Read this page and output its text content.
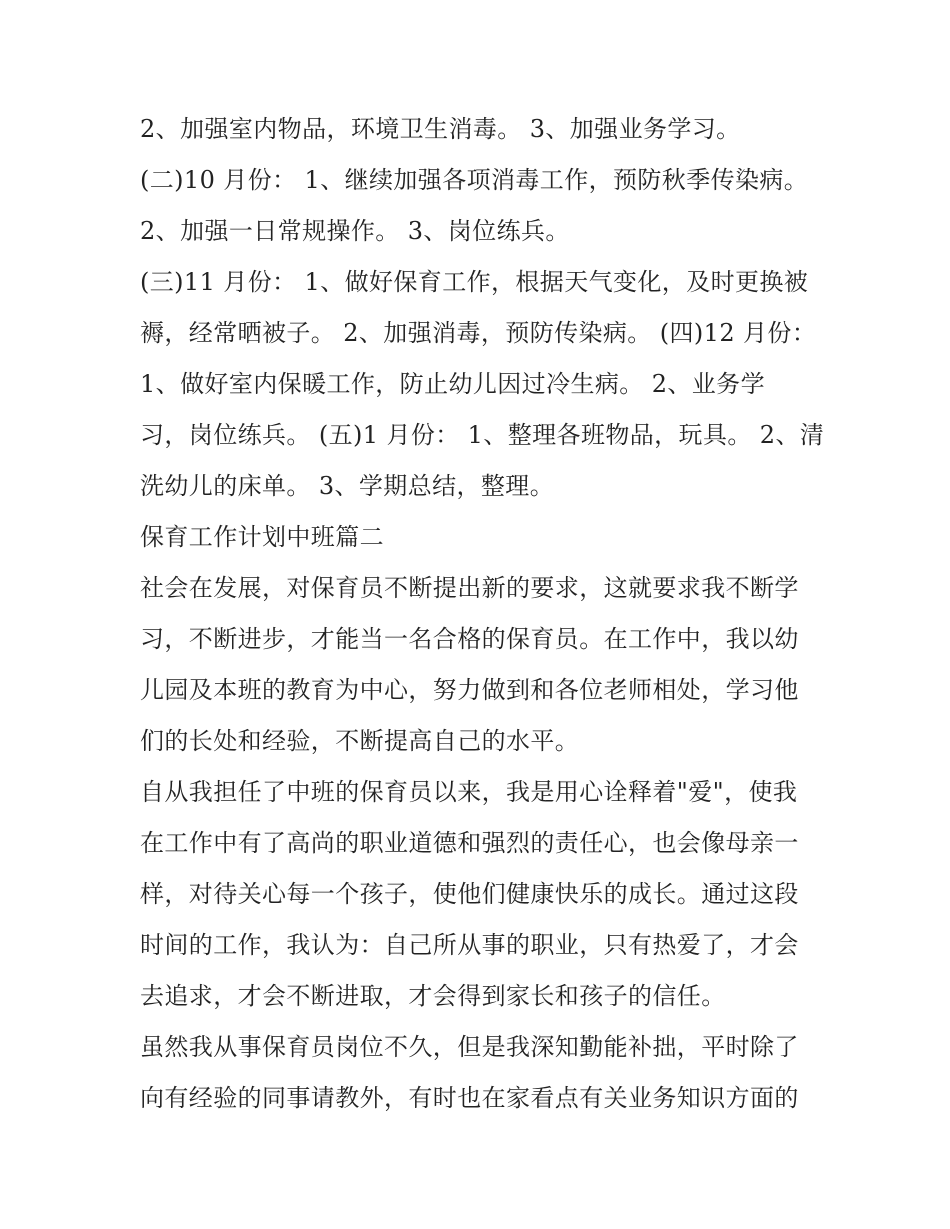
2、加强室内物品，环境卫生消毒。 3、加强业务学习。
(二)10 月份： 1、继续加强各项消毒工作，预防秋季传染病。
2、加强一日常规操作。 3、岗位练兵。
(三)11 月份： 1、做好保育工作，根据天气变化，及时更换被
褥，经常晒被子。 2、加强消毒，预防传染病。 (四)12 月份：
1、做好室内保暖工作，防止幼儿因过冷生病。 2、业务学
习，岗位练兵。 (五)1 月份： 1、整理各班物品，玩具。 2、清
洗幼儿的床单。 3、学期总结，整理。
保育工作计划中班篇二
社会在发展，对保育员不断提出新的要求，这就要求我不断学
习，不断进步，才能当一名合格的保育员。在工作中，我以幼
儿园及本班的教育为中心，努力做到和各位老师相处，学习他
们的长处和经验，不断提高自己的水平。
自从我担任了中班的保育员以来，我是用心诠释着"爱"，使我
在工作中有了高尚的职业道德和强烈的责任心，也会像母亲一
样，对待关心每一个孩子，使他们健康快乐的成长。通过这段
时间的工作，我认为：自己所从事的职业，只有热爱了，才会
去追求，才会不断进取，才会得到家长和孩子的信任。
虽然我从事保育员岗位不久，但是我深知勤能补拙，平时除了
向有经验的同事请教外，有时也在家看点有关业务知识方面的
